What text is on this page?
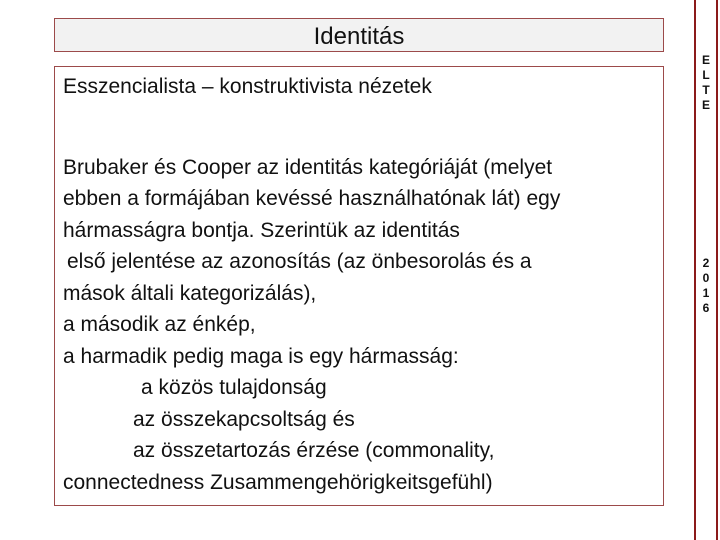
Identitás

Esszencialista – konstruktivista nézetek

Brubaker és Cooper az identitás kategóriáját (melyet

ebben a formájában kevéssé használhatónak lát) egy

hármasságra bontja. Szerintük az identitás

első jelentése az azonosítás (az önbesorolás és a

mások általi kategorizálás),

a második az énkép,

a harmadik pedig maga is egy hármasság:

a közös tulajdonság

az összekapcsoltság és

az összetartozás érzése (commonality,

connectedness Zusammengehörigkeitsgefühl)

E
L
T
E
2
0
1
6
